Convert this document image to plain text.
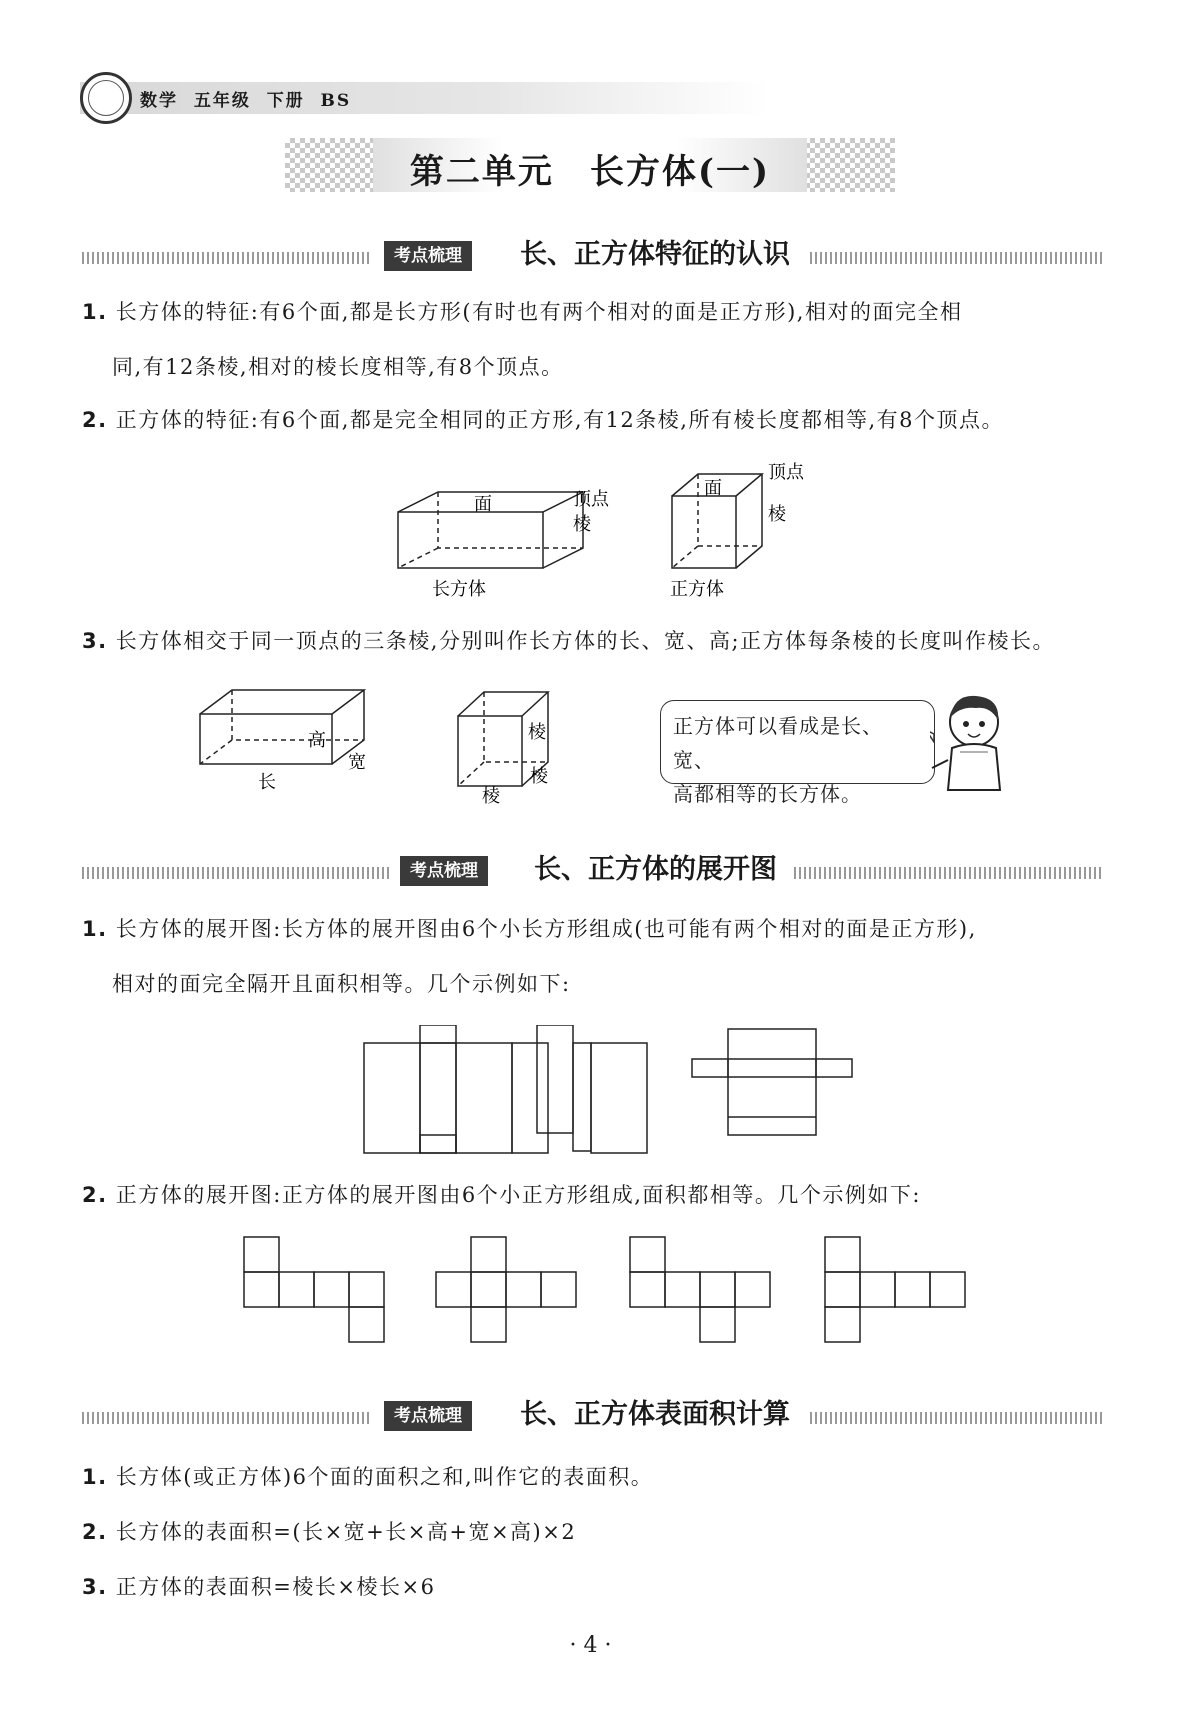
数学 五年级 下册 BS
第二单元　长方体(一)
考点梳理	长、正方体特征的认识
1. 长方体的特征:有6个面,都是长方形(有时也有两个相对的面是正方形),相对的面完全相
同,有12条棱,相对的棱长度相等,有8个顶点。
2. 正方体的特征:有6个面,都是完全相同的正方形,有12条棱,所有棱长度都相等,有8个顶点。
面	顶点
棱
长方体
面
顶点
棱
正方体
3. 长方体相交于同一顶点的三条棱,分别叫作长方体的长、宽、高;正方体每条棱的长度叫作棱长。
高
长
宽
棱
棱
棱
正方体可以看成是长、宽、
高都相等的长方体。
考点梳理	长、正方体的展开图
1. 长方体的展开图:长方体的展开图由6个小长方形组成(也可能有两个相对的面是正方形),
相对的面完全隔开且面积相等。几个示例如下:
2. 正方体的展开图:正方体的展开图由6个小正方形组成,面积都相等。几个示例如下:
考点梳理	长、正方体表面积计算
1. 长方体(或正方体)6个面的面积之和,叫作它的表面积。
2. 长方体的表面积=(长×宽+长×高+宽×高)×2
3. 正方体的表面积=棱长×棱长×6
· 4 ·
